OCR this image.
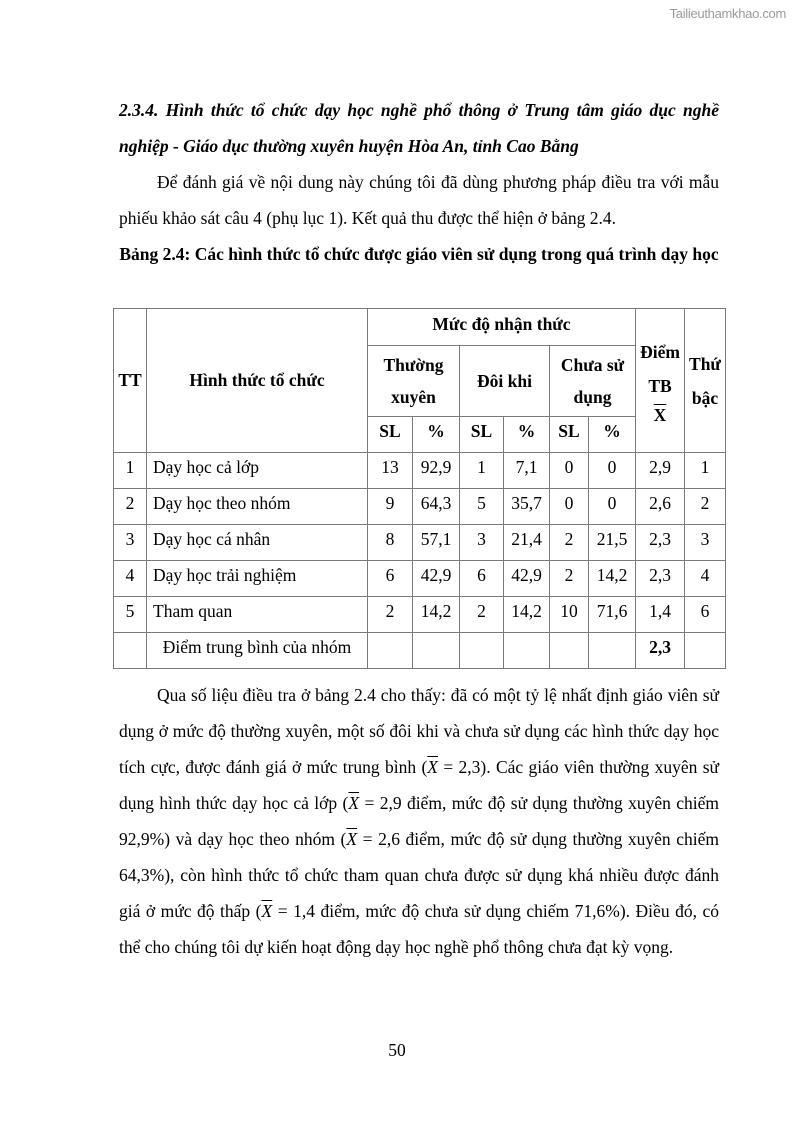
Tailieuthamkhao.com

2.3.4. Hình thức tổ chức dạy học nghề phổ thông ở Trung tâm giáo dục nghề nghiệp - Giáo dục thường xuyên huyện Hòa An, tỉnh Cao Bằng

Để đánh giá về nội dung này chúng tôi đã dùng phương pháp điều tra với mẫu phiếu khảo sát câu 4 (phụ lục 1). Kết quả thu được thể hiện ở bảng 2.4.

Bảng 2.4: Các hình thức tổ chức được giáo viên sử dụng trong quá trình dạy học

TT	Hình thức tổ chức	Mức độ nhận thức						Điểm TB
$\overline{X}$	Thứ bậc
		Thường xuyên		Đôi khi		Chưa sử dụng			
		SL	%	SL	%	SL	%		
1	Dạy học cả lớp	13	92,9	1	7,1	0	0	2,9	1
2	Dạy học theo nhóm	9	64,3	5	35,7	0	0	2,6	2
3	Dạy học cá nhân	8	57,1	3	21,4	2	21,5	2,3	3
4	Dạy học trải nghiệm	6	42,9	6	42,9	2	14,2	2,3	4
5	Tham quan	2	14,2	2	14,2	10	71,6	1,4	6
	Điểm trung bình của nhóm							2,3	

Qua số liệu điều tra ở bảng 2.4 cho thấy: đã có một tỷ lệ nhất định giáo viên sử dụng ở mức độ thường xuyên, một số đôi khi và chưa sử dụng các hình thức dạy học tích cực, được đánh giá ở mức trung bình $(\overline{X} = 2,3)$. Các giáo viên thường xuyên sử dụng hình thức dạy học cả lớp ($\overline{X} = 2,9$ điểm, mức độ sử dụng thường xuyên chiếm 92,9%) và dạy học theo nhóm ($\overline{X} = 2,6$ điểm, mức độ sử dụng thường xuyên chiếm 64,3%), còn hình thức tổ chức tham quan chưa được sử dụng khá nhiều được đánh giá ở mức độ thấp ($\overline{X} = 1,4$ điểm, mức độ chưa sử dụng chiếm 71,6%). Điều đó, có thể cho chúng tôi dự kiến hoạt động dạy học nghề phổ thông chưa đạt kỳ vọng.

50
